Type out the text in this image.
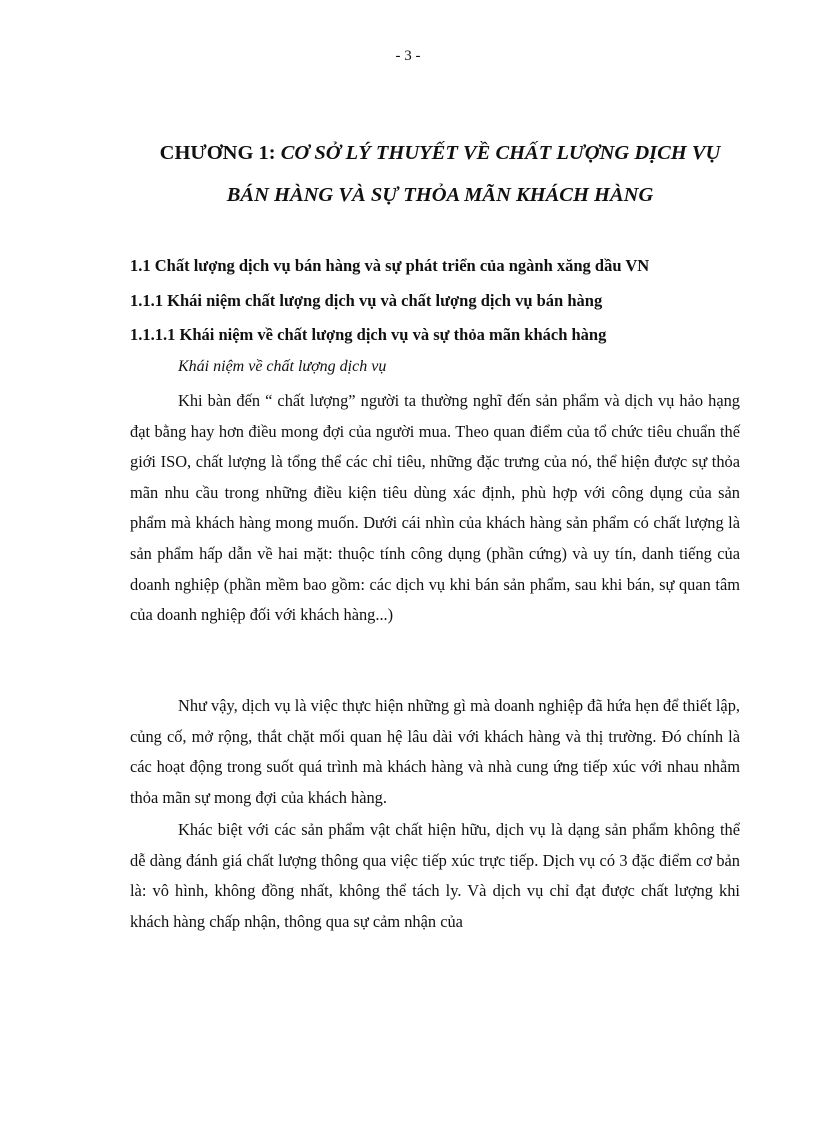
- 3 -
CHƯƠNG 1: CƠ SỞ LÝ THUYẾT VỀ CHẤT LƯỢNG DỊCH VỤ
BÁN HÀNG VÀ SỰ THỎA MÃN KHÁCH HÀNG
1.1 Chất lượng dịch vụ bán hàng và sự phát triển của ngành xăng dầu VN
1.1.1 Khái niệm chất lượng dịch vụ và chất lượng dịch vụ bán hàng
1.1.1.1 Khái niệm về chất lượng dịch vụ và sự thỏa mãn khách hàng
Khái niệm về chất lượng dịch vụ

Khi bàn đến “ chất lượng” người ta thường nghĩ đến sản phẩm và dịch vụ hảo hạng đạt bằng hay hơn điều mong đợi của người mua. Theo quan điểm của tổ chức tiêu chuẩn thế giới ISO, chất lượng là tổng thể các chỉ tiêu, những đặc trưng của nó, thể hiện được sự thỏa mãn nhu cầu trong những điều kiện tiêu dùng xác định, phù hợp với công dụng của sản phẩm mà khách hàng mong muốn. Dưới cái nhìn của khách hàng sản phẩm có chất lượng là sản phẩm hấp dẫn về hai mặt: thuộc tính công dụng (phần cứng) và uy tín, danh tiếng của doanh nghiệp (phần mềm bao gồm: các dịch vụ khi bán sản phẩm, sau khi bán, sự quan tâm của doanh nghiệp đối với khách hàng...)

Như vậy, dịch vụ là việc thực hiện những gì mà doanh nghiệp đã hứa hẹn để thiết lập, củng cố, mở rộng, thắt chặt mối quan hệ lâu dài với khách hàng và thị trường. Đó chính là các hoạt động trong suốt quá trình mà khách hàng và nhà cung ứng tiếp xúc với nhau nhằm thỏa mãn sự mong đợi của khách hàng.

Khác biệt với các sản phẩm vật chất hiện hữu, dịch vụ là dạng sản phẩm không thể dễ dàng đánh giá chất lượng thông qua việc tiếp xúc trực tiếp. Dịch vụ có 3 đặc điểm cơ bản là: vô hình, không đồng nhất, không thể tách ly. Và dịch vụ chỉ đạt được chất lượng khi khách hàng chấp nhận, thông qua sự cảm nhận của
